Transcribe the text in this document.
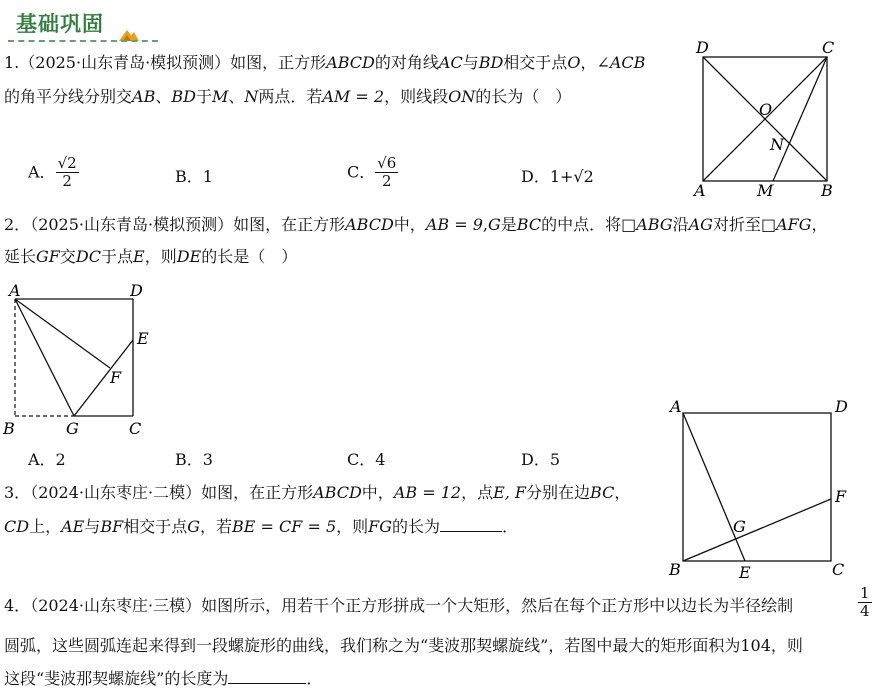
基础巩固
1.（2025·山东青岛·模拟预测）如图，正方形ABCD的对角线AC与BD相交于点O，∠ACB
的角平分线分别交AB、BD于M、N两点．若AM = 2，则线段ON的长为（　）
A． $\frac{√2}{2}$	B．1	C． $\frac{√6}{2}$	D．1+√2
D	C
O
N
A	M	B
2．（2025·山东青岛·模拟预测）如图，在正方形ABCD中，AB = 9,G是BC的中点．将□ABG沿AG对折至□AFG，
延长GF交DC于点E，则DE的长是（　）
A	D
E
F
B	G	C
A．2	B．3	C．4	D．5
A	D
F
G
B	E	C
3．（2024·山东枣庄·二模）如图，在正方形ABCD中，AB = 12，点E, F分别在边BC，
CD上，AE与BF相交于点G，若BE = CF = 5，则FG的长为	．
4．（2024·山东枣庄·三模）如图所示，用若干个正方形拼成一个大矩形，然后在每个正方形中以边长为半径绘制	$\frac{1}{4}$
圆弧，这些圆弧连起来得到一段螺旋形的曲线，我们称之为“斐波那契螺旋线”，若图中最大的矩形面积为104，则
这段“斐波那契螺旋线”的长度为	．
